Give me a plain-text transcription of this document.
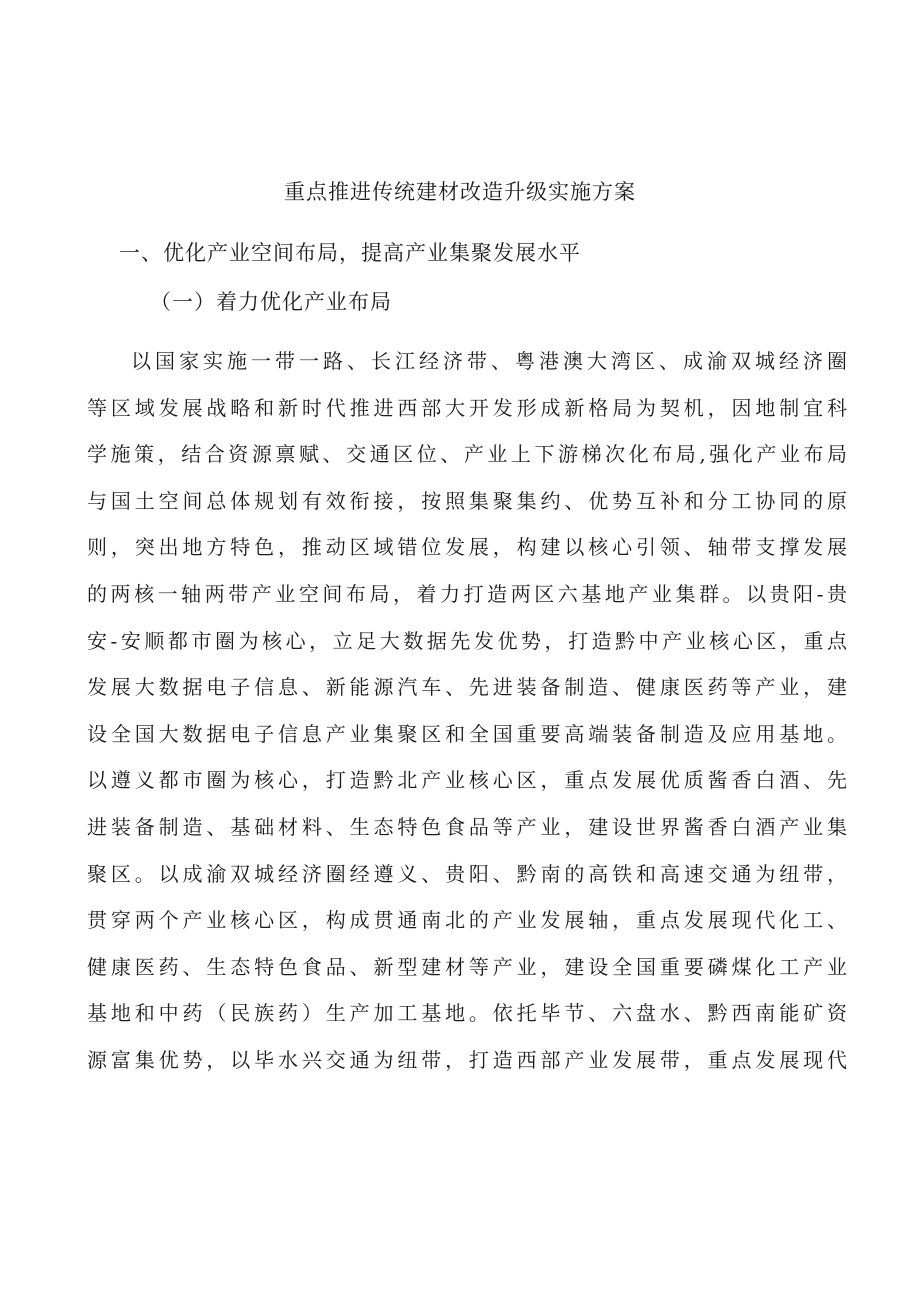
重点推进传统建材改造升级实施方案
一、优化产业空间布局，提高产业集聚发展水平
（一）着力优化产业布局
以国家实施一带一路、长江经济带、粤港澳大湾区、成渝双城经济圈
等区域发展战略和新时代推进西部大开发形成新格局为契机，因地制宜科
学施策，结合资源禀赋、交通区位、产业上下游梯次化布局,强化产业布局
与国土空间总体规划有效衔接，按照集聚集约、优势互补和分工协同的原
则，突出地方特色，推动区域错位发展，构建以核心引领、轴带支撑发展
的两核一轴两带产业空间布局，着力打造两区六基地产业集群。以贵阳-贵
安-安顺都市圈为核心，立足大数据先发优势，打造黔中产业核心区，重点
发展大数据电子信息、新能源汽车、先进装备制造、健康医药等产业，建
设全国大数据电子信息产业集聚区和全国重要高端装备制造及应用基地。
以遵义都市圈为核心，打造黔北产业核心区，重点发展优质酱香白酒、先
进装备制造、基础材料、生态特色食品等产业，建设世界酱香白酒产业集
聚区。以成渝双城经济圈经遵义、贵阳、黔南的高铁和高速交通为纽带，
贯穿两个产业核心区，构成贯通南北的产业发展轴，重点发展现代化工、
健康医药、生态特色食品、新型建材等产业，建设全国重要磷煤化工产业
基地和中药（民族药）生产加工基地。依托毕节、六盘水、黔西南能矿资
源富集优势，以毕水兴交通为纽带，打造西部产业发展带，重点发展现代
